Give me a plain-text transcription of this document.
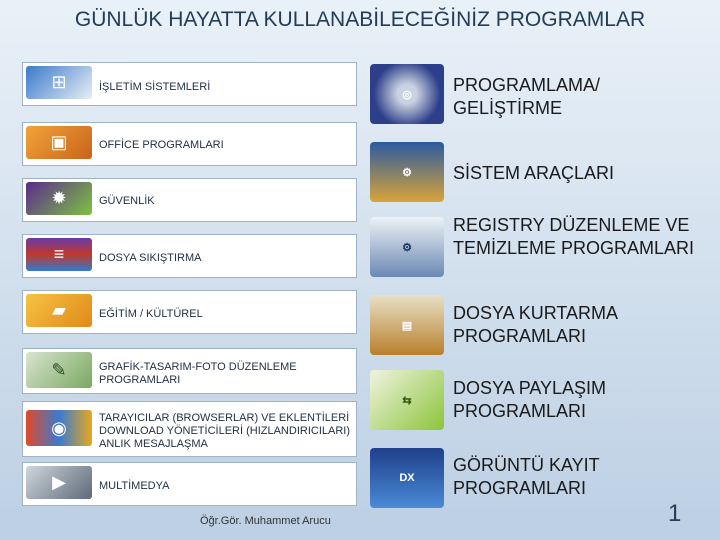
GÜNLÜK HAYATTA KULLANABİLECEĞİNİZ PROGRAMLAR
⊞	İŞLETİM SİSTEMLERİ
▣	OFFİCE PROGRAMLARI
✹	GÜVENLİK
≡	DOSYA SIKIŞTIRMA
▰	EĞİTİM / KÜLTÜREL
✎	GRAFİK-TASARIM-FOTO DÜZENLEME PROGRAMLARI
◉	TARAYICILAR (BROWSERLAR) VE EKLENTİLERİ DOWNLOAD YÖNETİCİLERİ (HIZLANDIRICILARI) ANLIK MESAJLAŞMA
▶	MULTİMEDYA
◎	PROGRAMLAMA/ GELİŞTİRME
⚙	SİSTEM ARAÇLARI
⚙
REGISTRY DÜZENLEME VE TEMİZLEME PROGRAMLARI
▤
DOSYA KURTARMA PROGRAMLARI
⇆
DOSYA PAYLAŞIM PROGRAMLARI
DX
GÖRÜNTÜ KAYIT PROGRAMLARI
Öğr.Gör. Muhammet Arucu	1
